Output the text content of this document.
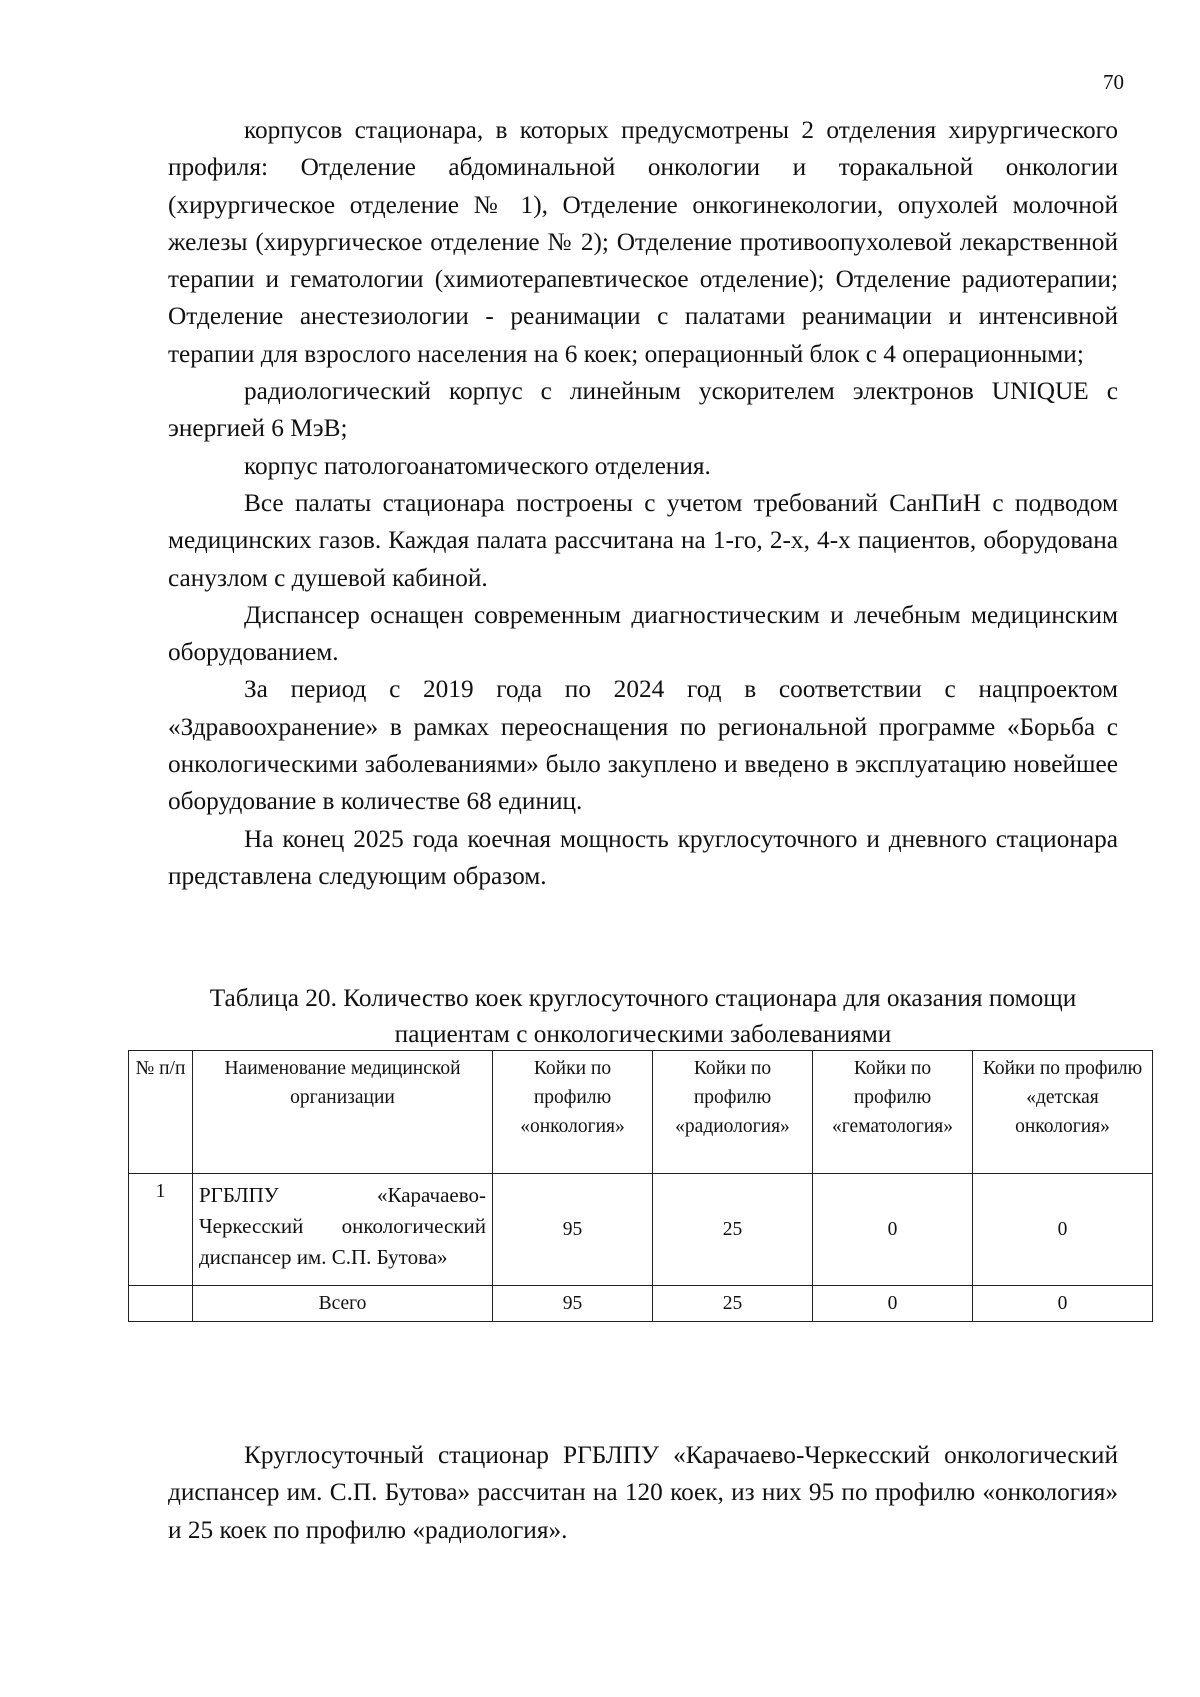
70

корпусов стационара, в которых предусмотрены 2 отделения хирургического профиля: Отделение абдоминальной онкологии и торакальной онкологии (хирургическое отделение № 1), Отделение онкогинекологии, опухолей молочной железы (хирургическое отделение № 2); Отделение противоопухолевой лекарственной терапии и гематологии (химиотерапевтическое отделение); Отделение радиотерапии; Отделение анестезиологии - реанимации с палатами реанимации и интенсивной терапии для взрослого населения на 6 коек; операционный блок с 4 операционными;

радиологический корпус с линейным ускорителем электронов UNIQUE с энергией 6 МэВ;

корпус патологоанатомического отделения.

Все палаты стационара построены с учетом требований СанПиН с подводом медицинских газов. Каждая палата рассчитана на 1-го, 2-х, 4-х пациентов, оборудована санузлом с душевой кабиной.

Диспансер оснащен современным диагностическим и лечебным медицинским оборудованием.

За период с 2019 года по 2024 год в соответствии с нацпроектом «Здравоохранение» в рамках переоснащения по региональной программе «Борьба с онкологическими заболеваниями» было закуплено и введено в эксплуатацию новейшее оборудование в количестве 68 единиц.

На конец 2025 года коечная мощность круглосуточного и дневного стационара представлена следующим образом.

Таблица 20. Количество коек круглосуточного стационара для оказания помощи пациентам с онкологическими заболеваниями

№ п/п	Наименование медицинской организации	Койки по профилю «онкология»	Койки по профилю «радиология»	Койки по профилю «гематология»	Койки по профилю «детская онкология»
1	РГБЛПУ «Карачаево-Черкесский онкологический диспансер им. С.П. Бутова»	95	25	0	0
	Всего	95	25	0	0

Круглосуточный стационар РГБЛПУ «Карачаево-Черкесский онкологический диспансер им. С.П. Бутова» рассчитан на 120 коек, из них 95 по профилю «онкология» и 25 коек по профилю «радиология».
